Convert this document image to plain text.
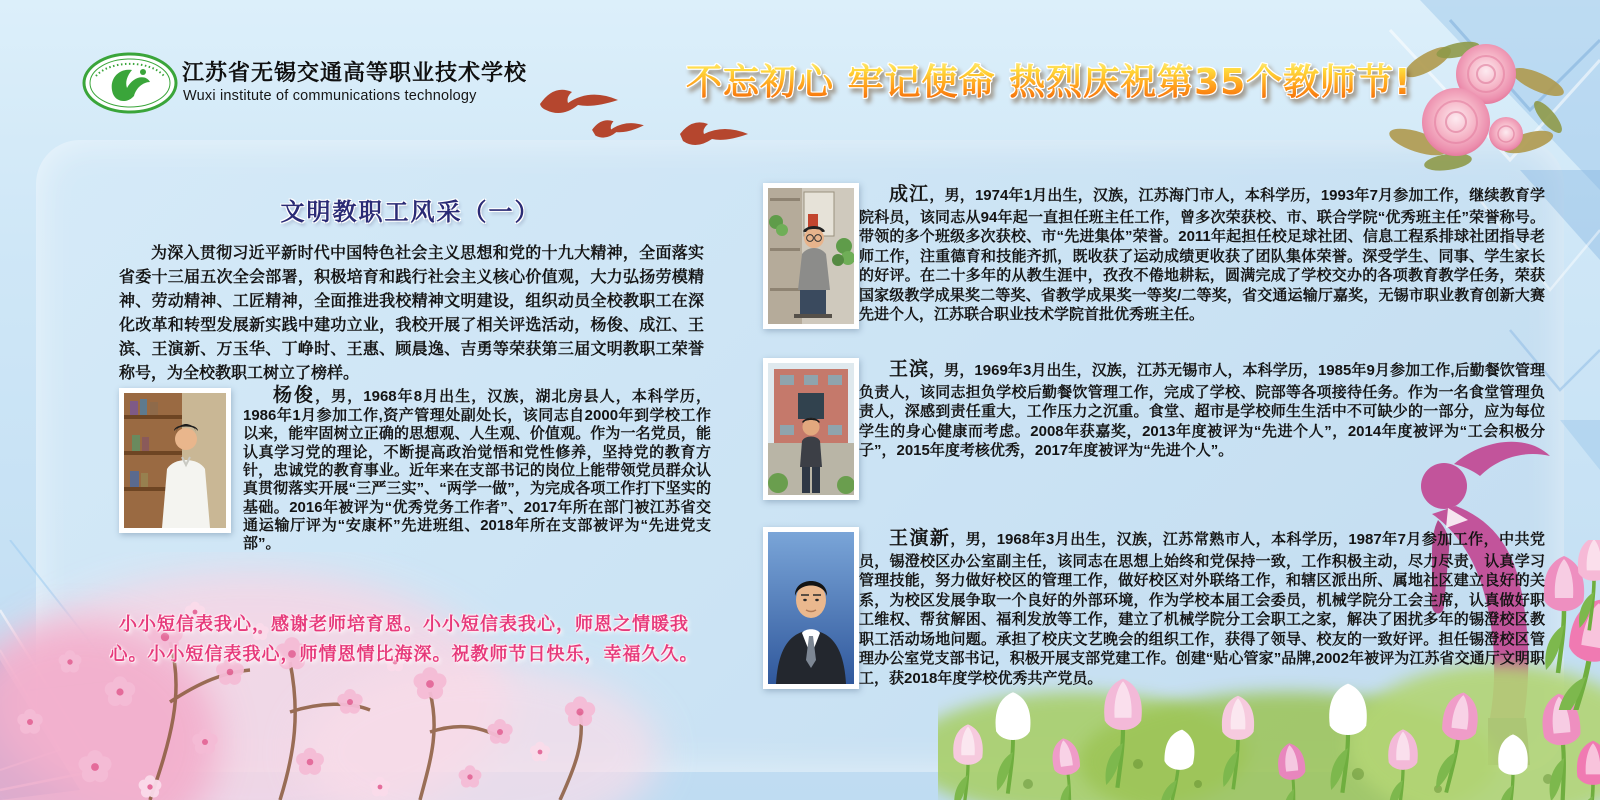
江苏省无锡交通高等职业技术学校
Wuxi institute of communications technology	不忘初心 牢记使命 热烈庆祝第35个教师节!
文明教职工风采（一）

为深入贯彻习近平新时代中国特色社会主义思想和党的十九大精神，全面落实省委十三届五次全会部署，积极培育和践行社会主义核心价值观，大力弘扬劳模精神、劳动精神、工匠精神，全面推进我校精神文明建设，组织动员全校教职工在深化改革和转型发展新实践中建功立业，我校开展了相关评选活动，杨俊、成江、王滨、王演新、万玉华、丁峥时、王惠、顾晨逸、吉勇等荣获第三届文明教职工荣誉称号，为全校教职工树立了榜样。

杨俊，男，1968年8月出生，汉族，湖北房县人，本科学历，1986年1月参加工作,资产管理处副处长，该同志自2000年到学校工作以来，能牢固树立正确的思想观、人生观、价值观。作为一名党员，能认真学习党的理论，不断提高政治觉悟和党性修养，坚持党的教育方针，忠诚党的教育事业。近年来在支部书记的岗位上能带领党员群众认真贯彻落实开展“三严三实”、“两学一做”，为完成各项工作打下坚实的基础。2016年被评为“优秀党务工作者”、2017年所在部门被江苏省交通运输厅评为“安康杯”先进班组、2018年所在支部被评为“先进党支部”。

小小短信表我心，感谢老师培育恩。小小短信表我心，师恩之情暖我心。小小短信表我心，师情恩情比海深。祝教师节日快乐，幸福久久。

成江，男，1974年1月出生，汉族，江苏海门市人，本科学历，1993年7月参加工作，继续教育学院科员，该同志从94年起一直担任班主任工作，曾多次荣获校、市、联合学院“优秀班主任”荣誉称号。带领的多个班级多次获校、市“先进集体”荣誉。2011年起担任校足球社团、信息工程系排球社团指导老师工作，注重德育和技能齐抓，既收获了运动成绩更收获了团队集体荣誉。深受学生、同事、学生家长的好评。在二十多年的从教生涯中，孜孜不倦地耕耘，圆满完成了学校交办的各项教育教学任务，荣获国家级教学成果奖二等奖、省教学成果奖一等奖/二等奖，省交通运输厅嘉奖，无锡市职业教育创新大赛先进个人，江苏联合职业技术学院首批优秀班主任。

王滨，男，1969年3月出生，汉族，江苏无锡市人，本科学历，1985年9月参加工作,后勤餐饮管理负责人，该同志担负学校后勤餐饮管理工作，完成了学校、院部等各项接待任务。作为一名食堂管理负责人，深感到责任重大，工作压力之沉重。食堂、超市是学校师生生活中不可缺少的一部分，应为每位学生的身心健康而考虑。2008年获嘉奖，2013年度被评为“先进个人”，2014年度被评为“工会积极分子”，2015年度考核优秀，2017年度被评为“先进个人”。

王演新，男，1968年3月出生，汉族，江苏常熟市人，本科学历，1987年7月参加工作，中共党员，锡澄校区办公室副主任，该同志在思想上始终和党保持一致，工作积极主动，尽力尽责，认真学习管理技能，努力做好校区的管理工作，做好校区对外联络工作，和辖区派出所、属地社区建立良好的关系，为校区发展争取一个良好的外部环境，作为学校本届工会委员，机械学院分工会主席，认真做好职工维权、帮贫解困、福利发放等工作，建立了机械学院分工会职工之家，解决了困扰多年的锡澄校区教职工活动场地问题。承担了校庆文艺晚会的组织工作，获得了领导、校友的一致好评。担任锡澄校区管理办公室党支部书记，积极开展支部党建工作。创建“贴心管家”品牌,2002年被评为江苏省交通厅文明职工，获2018年度学校优秀共产党员。
